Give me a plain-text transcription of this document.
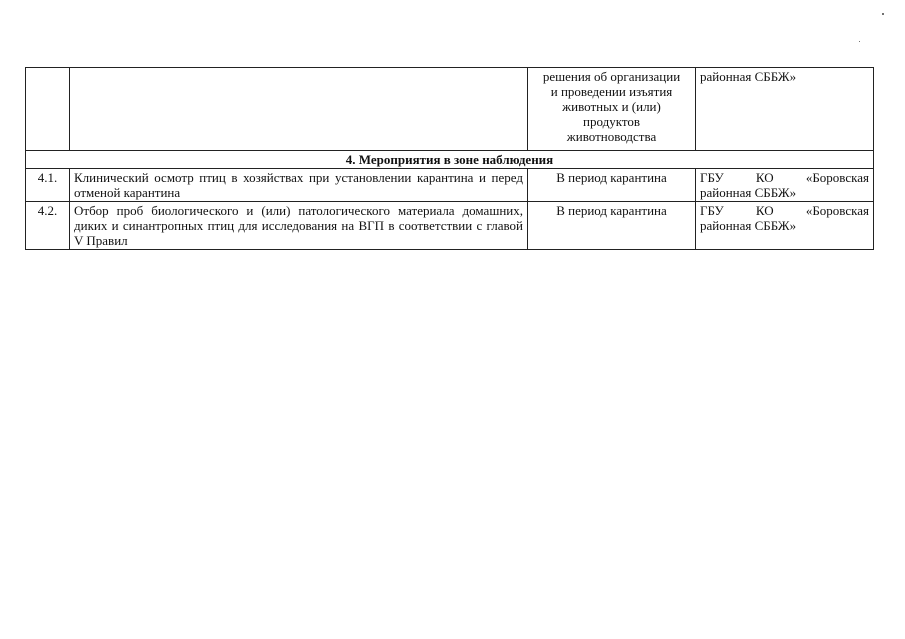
		решения об организации
и проведении изъятия
животных и (или)
продуктов
животноводства	районная СББЖ»
4. Мероприятия в зоне наблюдения			
4.1.	Клинический осмотр птиц в хозяйствах при установлении карантина и перед отменой карантина	В период карантина	ГБУ КО «Боровская
районная СББЖ»

4.2.	Отбор проб биологического и (или) патологического материала домашних, диких и синантропных птиц для исследования на ВГП в соответствии с главой V Правил	В период карантина	ГБУ КО «Боровская
районная СББЖ»
